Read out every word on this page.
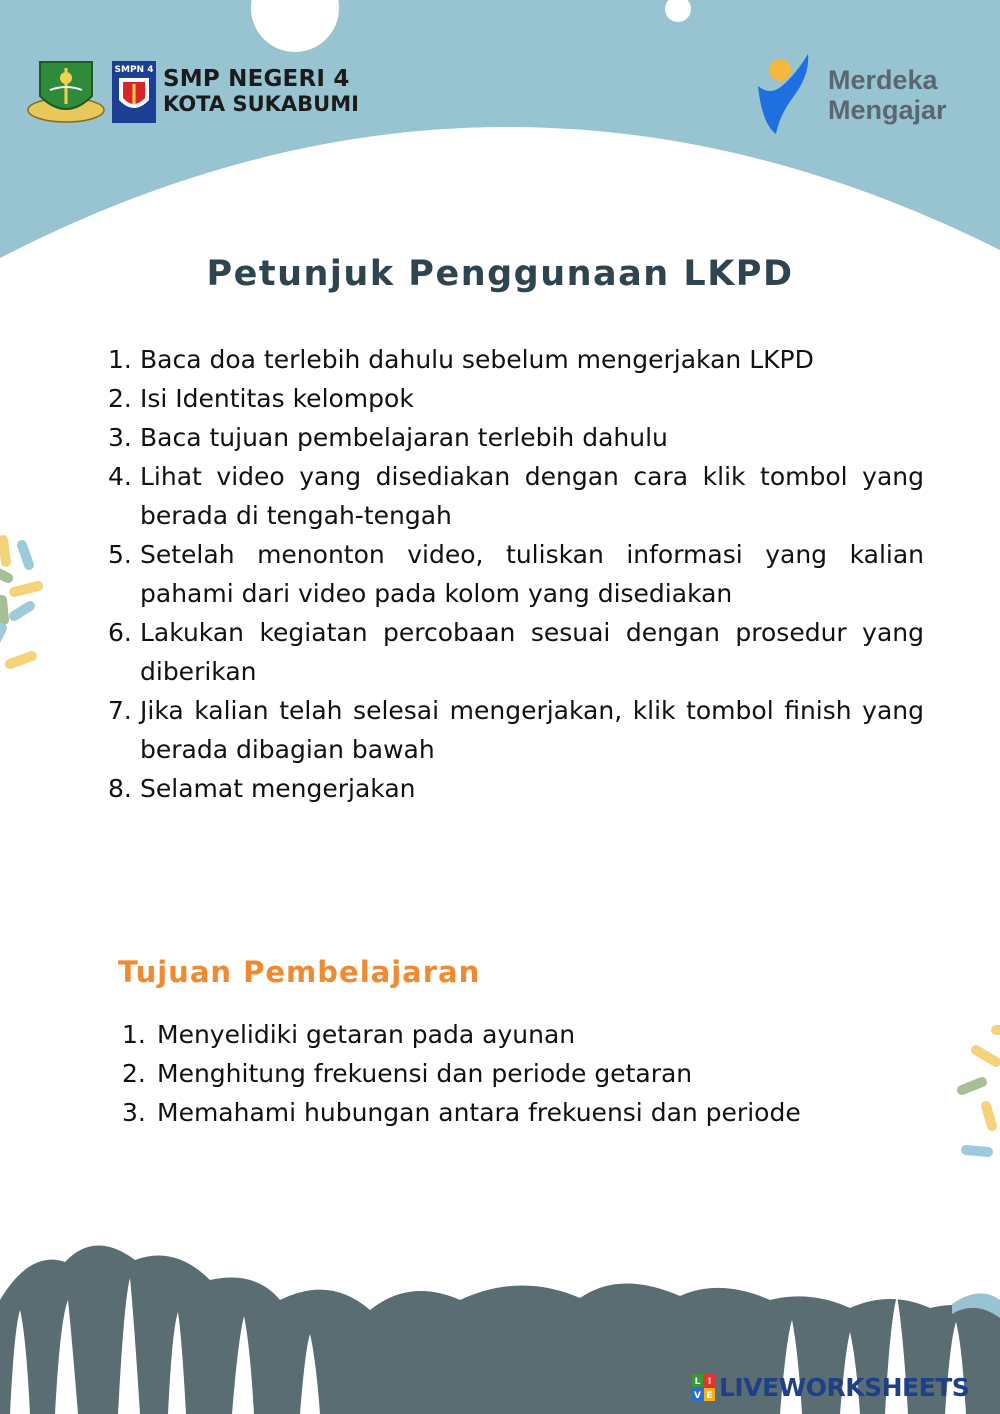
SMPN 4 SMP NEGERI 4
KOTA SUKABUMI
Merdeka
Mengajar
Petunjuk Penggunaan LKPD
1. Baca doa terlebih dahulu sebelum mengerjakan LKPD
2. Isi Identitas kelompok
3. Baca tujuan pembelajaran terlebih dahulu
4. Lihat video yang disediakan dengan cara klik tombol yang berada di tengah-tengah
5. Setelah menonton video, tuliskan informasi yang kalian pahami dari video pada kolom yang disediakan
6. Lakukan kegiatan percobaan sesuai dengan prosedur yang diberikan
7. Jika kalian telah selesai mengerjakan, klik tombol finish yang berada dibagian bawah
8. Selamat mengerjakan
Tujuan Pembelajaran
1. Menyelidiki getaran pada ayunan
2. Menghitung frekuensi dan periode getaran
3. Memahami hubungan antara frekuensi dan periode
L I
V E LIVEWORKSHEETS
